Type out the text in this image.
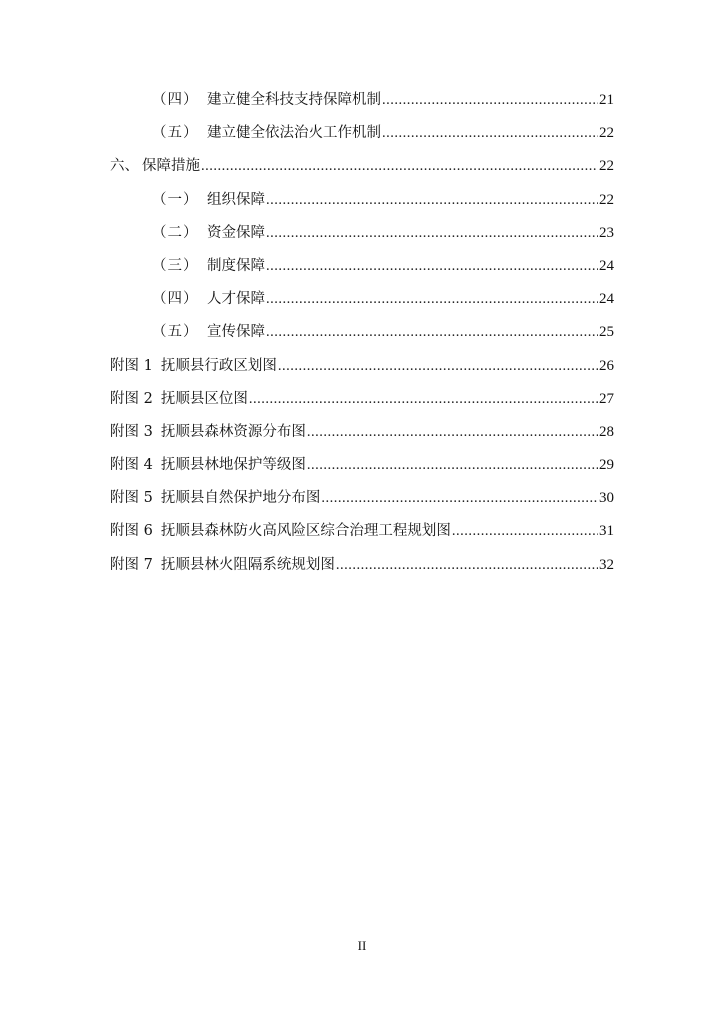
（四） 建立健全科技支持保障机制 .....	21
（五） 建立健全依法治火工作机制 .....	22
六、 保障措施 .....	22
（一） 组织保障 .....	22
（二） 资金保障 .....	23
（三） 制度保障 .....	24
（四） 人才保障 .....	24
（五） 宣传保障 .....	25
附图 1 抚顺县行政区划图 .....	26
附图 2 抚顺县区位图 .....	27
附图 3 抚顺县森林资源分布图 .....	28
附图 4 抚顺县林地保护等级图 .....	29
附图 5 抚顺县自然保护地分布图 .....	30
附图 6 抚顺县森林防火高风险区综合治理工程规划图 .....	31
附图 7 抚顺县林火阻隔系统规划图 .....	32
II
